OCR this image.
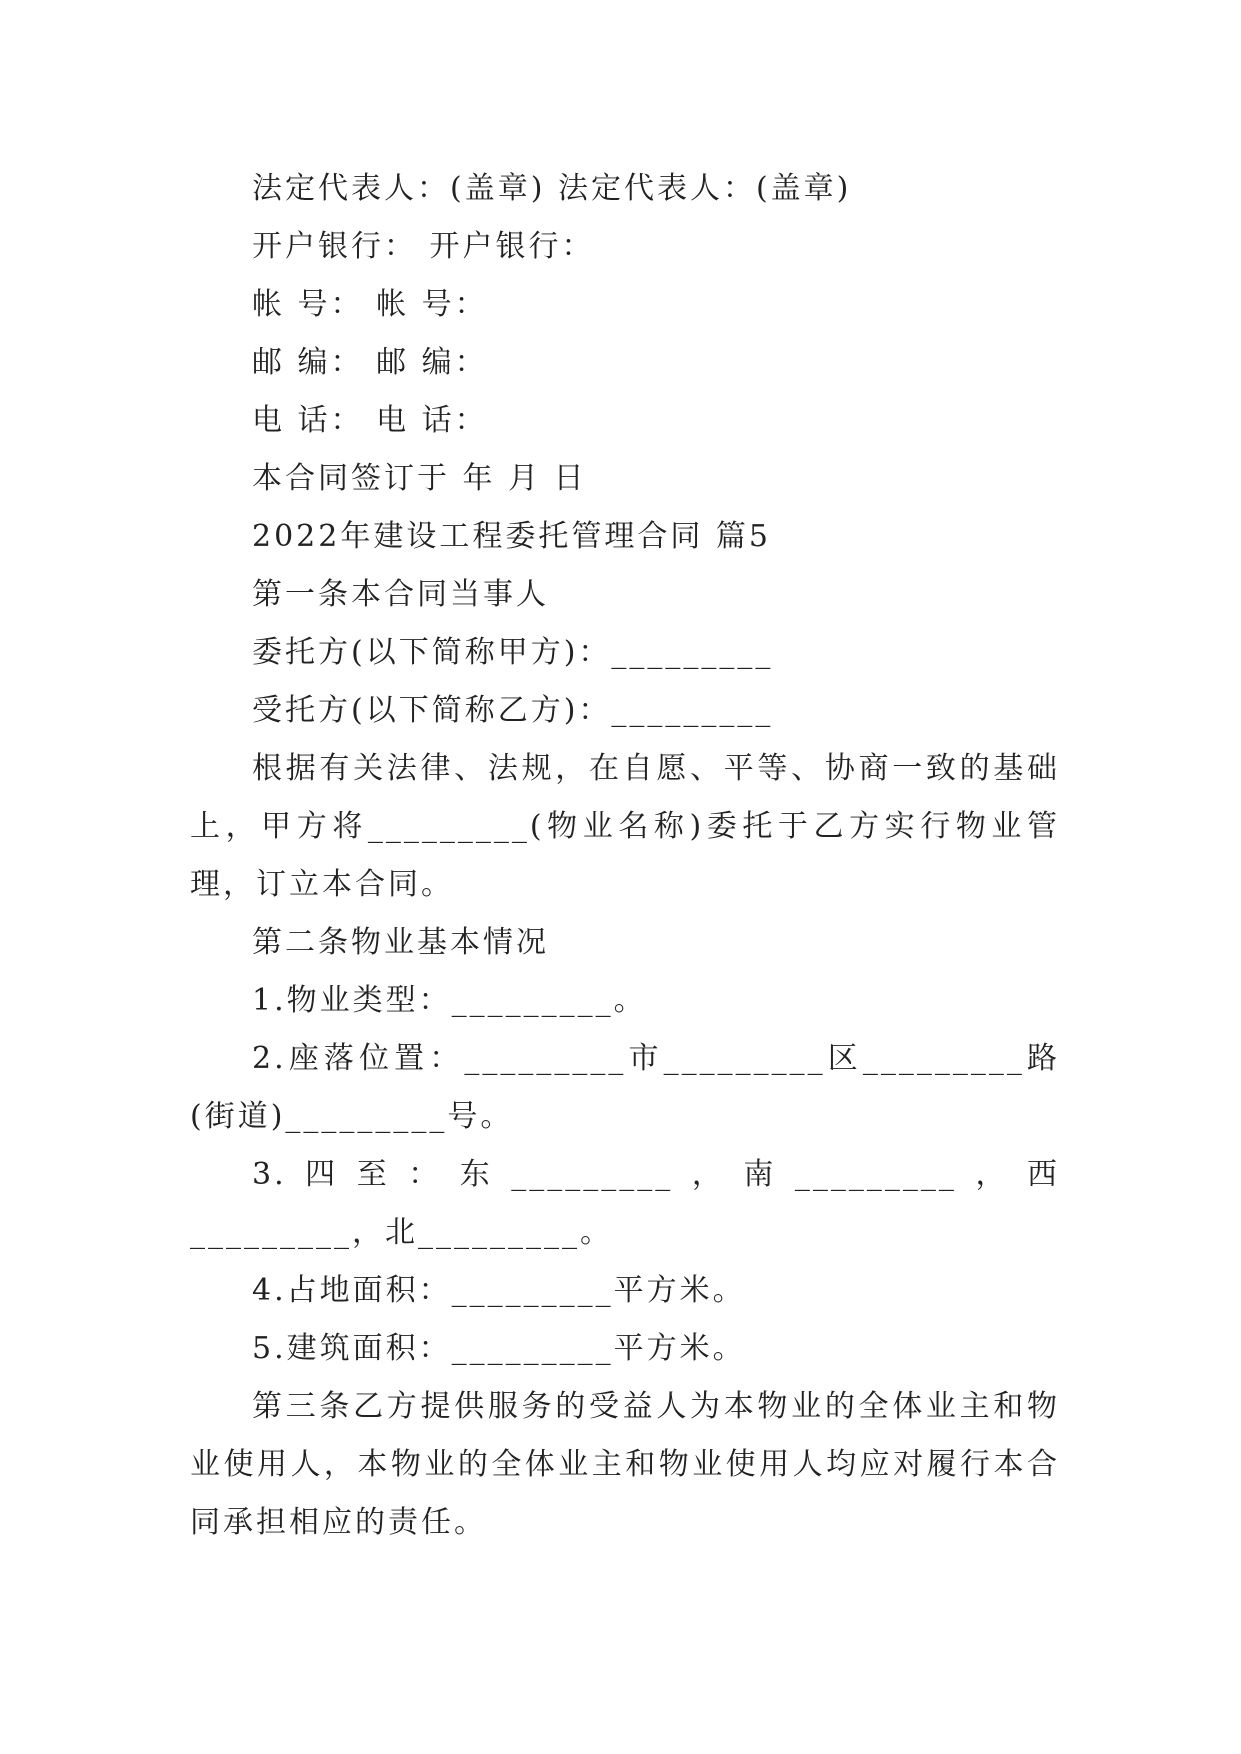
法定代表人：(盖章) 法定代表人：(盖章)

开户银行： 开户银行：

帐 号： 帐 号：

邮 编： 邮 编：

电 话： 电 话：

本合同签订于 年 月 日

2022年建设工程委托管理合同 篇5

第一条本合同当事人

委托方(以下简称甲方)：_________

受托方(以下简称乙方)：_________

根据有关法律、法规，在自愿、平等、协商一致的基础上，甲方将_________(物业名称)委托于乙方实行物业管理，订立本合同。

第二条物业基本情况

1.物业类型：_________。

2.座落位置：_________市_________区_________路(街道)_________号。

3.四至：东_________，南_________，西_________，北_________。

4.占地面积：_________平方米。

5.建筑面积：_________平方米。

第三条乙方提供服务的受益人为本物业的全体业主和物业使用人，本物业的全体业主和物业使用人均应对履行本合同承担相应的责任。
